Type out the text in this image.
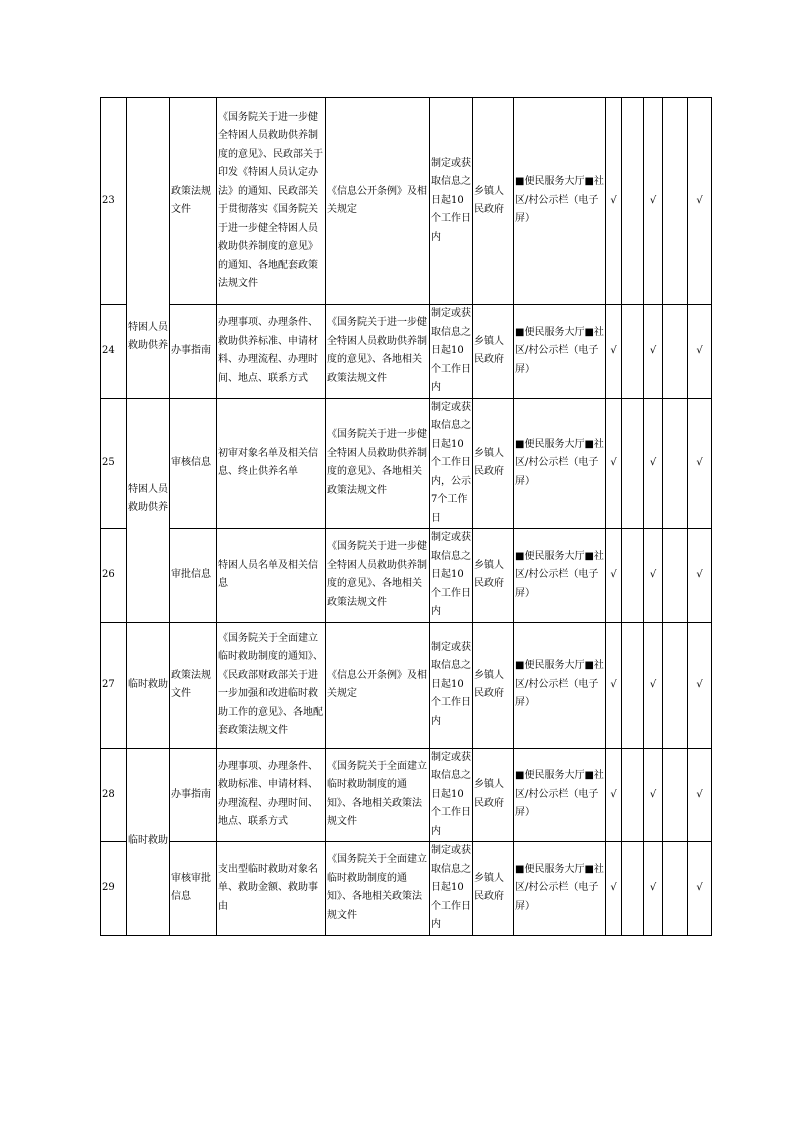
23	特困人员救助供养	政策法规文件	《国务院关于进一步健全特困人员救助供养制度的意见》、民政部关于印发《特困人员认定办法》的通知、民政部关于贯彻落实《国务院关于进一步健全特困人员救助供养制度的意见》的通知、各地配套政策法规文件	《信息公开条例》及相关规定	制定或获取信息之日起10个工作日内	乡镇人民政府	■便民服务大厅■社区/村公示栏（电子屏）	√		√		√
24		办事指南	办理事项、办理条件、救助供养标准、申请材料、办理流程、办理时间、地点、联系方式	《国务院关于进一步健全特困人员救助供养制度的意见》、各地相关政策法规文件	制定或获取信息之日起10个工作日内	乡镇人民政府	■便民服务大厅■社区/村公示栏（电子屏）	√		√		√
25	特困人员救助供养	审核信息	初审对象名单及相关信息、终止供养名单	《国务院关于进一步健全特困人员救助供养制度的意见》、各地相关政策法规文件	制定或获取信息之日起10个工作日内，公示7个工作日	乡镇人民政府	■便民服务大厅■社区/村公示栏（电子屏）	√		√		√
26		审批信息	特困人员名单及相关信息	《国务院关于进一步健全特困人员救助供养制度的意见》、各地相关政策法规文件	制定或获取信息之日起10个工作日内	乡镇人民政府	■便民服务大厅■社区/村公示栏（电子屏）	√		√		√
27	临时救助	政策法规文件	《国务院关于全面建立临时救助制度的通知》、《民政部财政部关于进一步加强和改进临时救助工作的意见》、各地配套政策法规文件	《信息公开条例》及相关规定	制定或获取信息之日起10个工作日内	乡镇人民政府	■便民服务大厅■社区/村公示栏（电子屏）	√		√		√
28	临时救助	办事指南	办理事项、办理条件、救助标准、申请材料、办理流程、办理时间、地点、联系方式	《国务院关于全面建立临时救助制度的通知》、各地相关政策法规文件	制定或获取信息之日起10个工作日内	乡镇人民政府	■便民服务大厅■社区/村公示栏（电子屏）	√		√		√
29		审核审批信息	支出型临时救助对象名单、救助金额、救助事由	《国务院关于全面建立临时救助制度的通知》、各地相关政策法规文件	制定或获取信息之日起10个工作日内	乡镇人民政府	■便民服务大厅■社区/村公示栏（电子屏）	√		√		√
